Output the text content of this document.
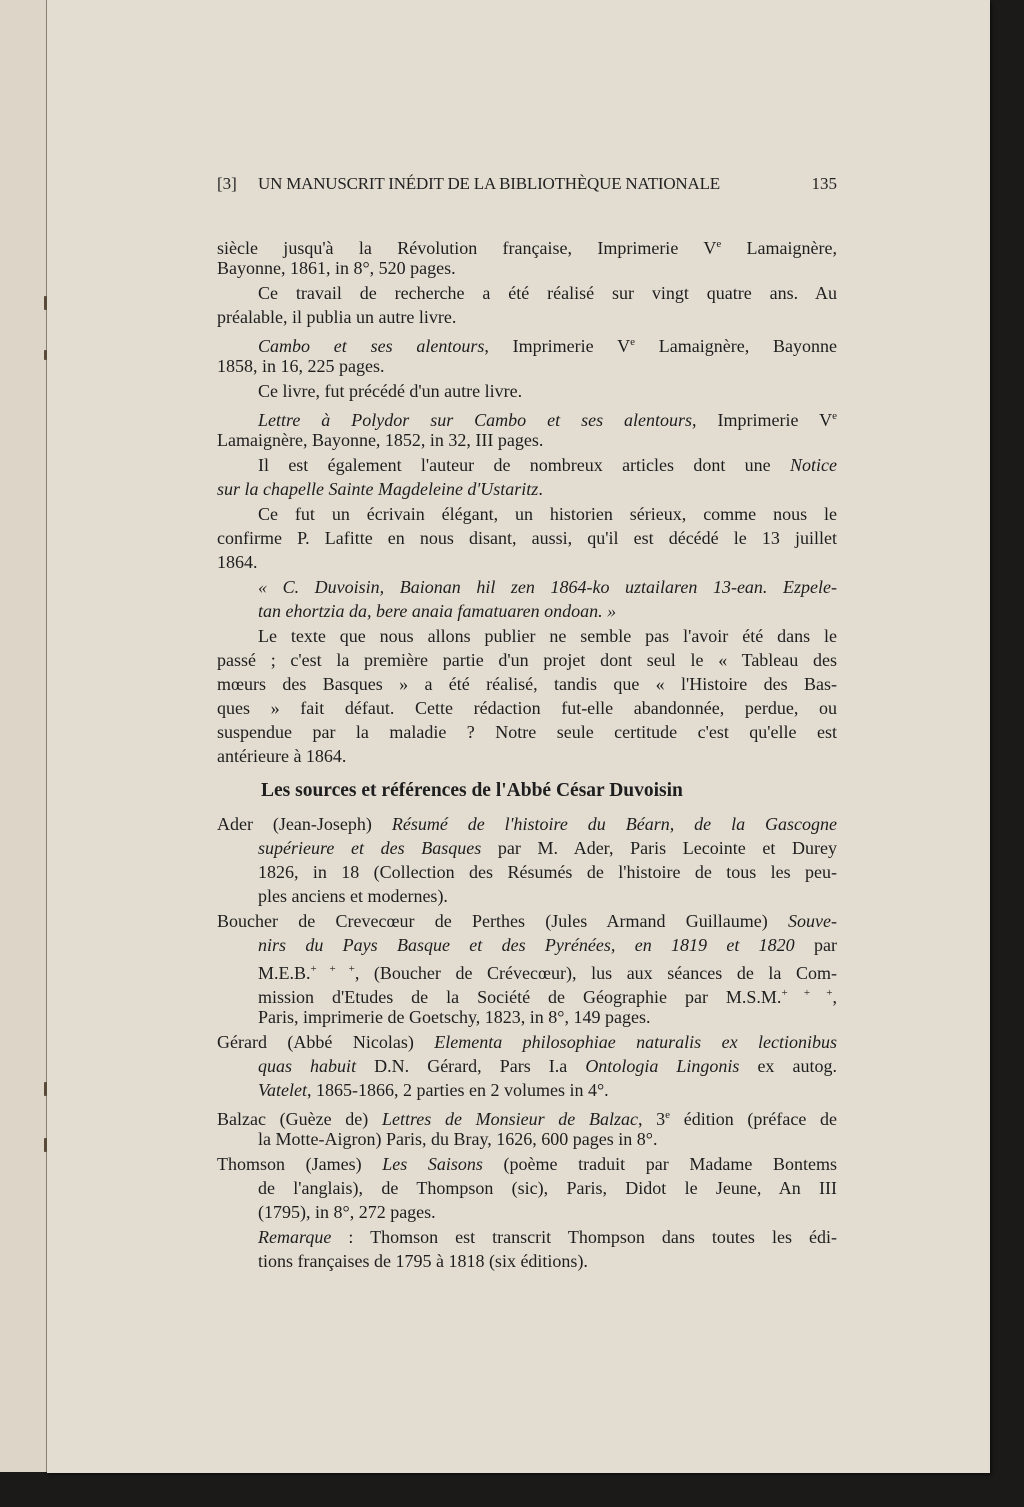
[3] UN MANUSCRIT INÉDIT DE LA BIBLIOTHÈQUE NATIONALE	135
siècle jusqu'à la Révolution française, Imprimerie Ve Lamaignère,
Bayonne, 1861, in 8°, 520 pages.
Ce travail de recherche a été réalisé sur vingt quatre ans. Au
préalable, il publia un autre livre.
Cambo et ses alentours, Imprimerie Ve Lamaignère, Bayonne
1858, in 16, 225 pages.
Ce livre, fut précédé d'un autre livre.
Lettre à Polydor sur Cambo et ses alentours, Imprimerie Ve
Lamaignère, Bayonne, 1852, in 32, III pages.
Il est également l'auteur de nombreux articles dont une Notice
sur la chapelle Sainte Magdeleine d'Ustaritz.
Ce fut un écrivain élégant, un historien sérieux, comme nous le
confirme P. Lafitte en nous disant, aussi, qu'il est décédé le 13 juillet
1864.
« C. Duvoisin, Baionan hil zen 1864-ko uztailaren 13-ean. Ezpele-
tan ehortzia da, bere anaia famatuaren ondoan. »
Le texte que nous allons publier ne semble pas l'avoir été dans le
passé ; c'est la première partie d'un projet dont seul le « Tableau des
mœurs des Basques » a été réalisé, tandis que « l'Histoire des Bas-
ques » fait défaut. Cette rédaction fut-elle abandonnée, perdue, ou
suspendue par la maladie ? Notre seule certitude c'est qu'elle est
antérieure à 1864.
Les sources et références de l'Abbé César Duvoisin
Ader (Jean-Joseph) Résumé de l'histoire du Béarn, de la Gascogne
supérieure et des Basques par M. Ader, Paris Lecointe et Durey
1826, in 18 (Collection des Résumés de l'histoire de tous les peu-
ples anciens et modernes).
Boucher de Crevecœur de Perthes (Jules Armand Guillaume) Souve-
nirs du Pays Basque et des Pyrénées, en 1819 et 1820 par
M.E.B.+ + +, (Boucher de Crévecœur), lus aux séances de la Com-
mission d'Etudes de la Société de Géographie par M.S.M.+ + +,
Paris, imprimerie de Goetschy, 1823, in 8°, 149 pages.
Gérard (Abbé Nicolas) Elementa philosophiae naturalis ex lectionibus
quas habuit D.N. Gérard, Pars I.a Ontologia Lingonis ex autog.
Vatelet, 1865-1866, 2 parties en 2 volumes in 4°.
Balzac (Guèze de) Lettres de Monsieur de Balzac, 3e édition (préface de
la Motte-Aigron) Paris, du Bray, 1626, 600 pages in 8°.
Thomson (James) Les Saisons (poème traduit par Madame Bontems
de l'anglais), de Thompson (sic), Paris, Didot le Jeune, An III
(1795), in 8°, 272 pages.
Remarque : Thomson est transcrit Thompson dans toutes les édi-
tions françaises de 1795 à 1818 (six éditions).
